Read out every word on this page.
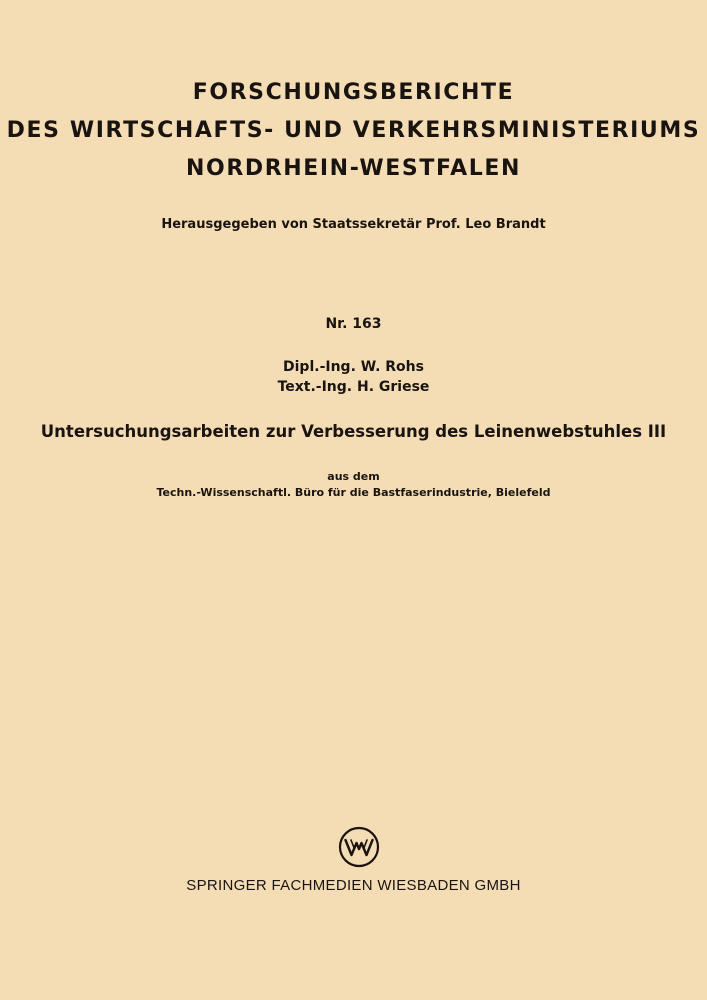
FORSCHUNGSBERICHTE
DES WIRTSCHAFTS- UND VERKEHRSMINISTERIUMS
NORDRHEIN-WESTFALEN
Herausgegeben von Staatssekretär Prof. Leo Brandt
Nr. 163
Dipl.-Ing. W. Rohs
Text.-Ing. H. Griese
Untersuchungsarbeiten zur Verbesserung des Leinenwebstuhles III
aus dem
Techn.-Wissenschaftl. Büro für die Bastfaserindustrie, Bielefeld
SPRINGER FACHMEDIEN WIESBADEN GMBH
